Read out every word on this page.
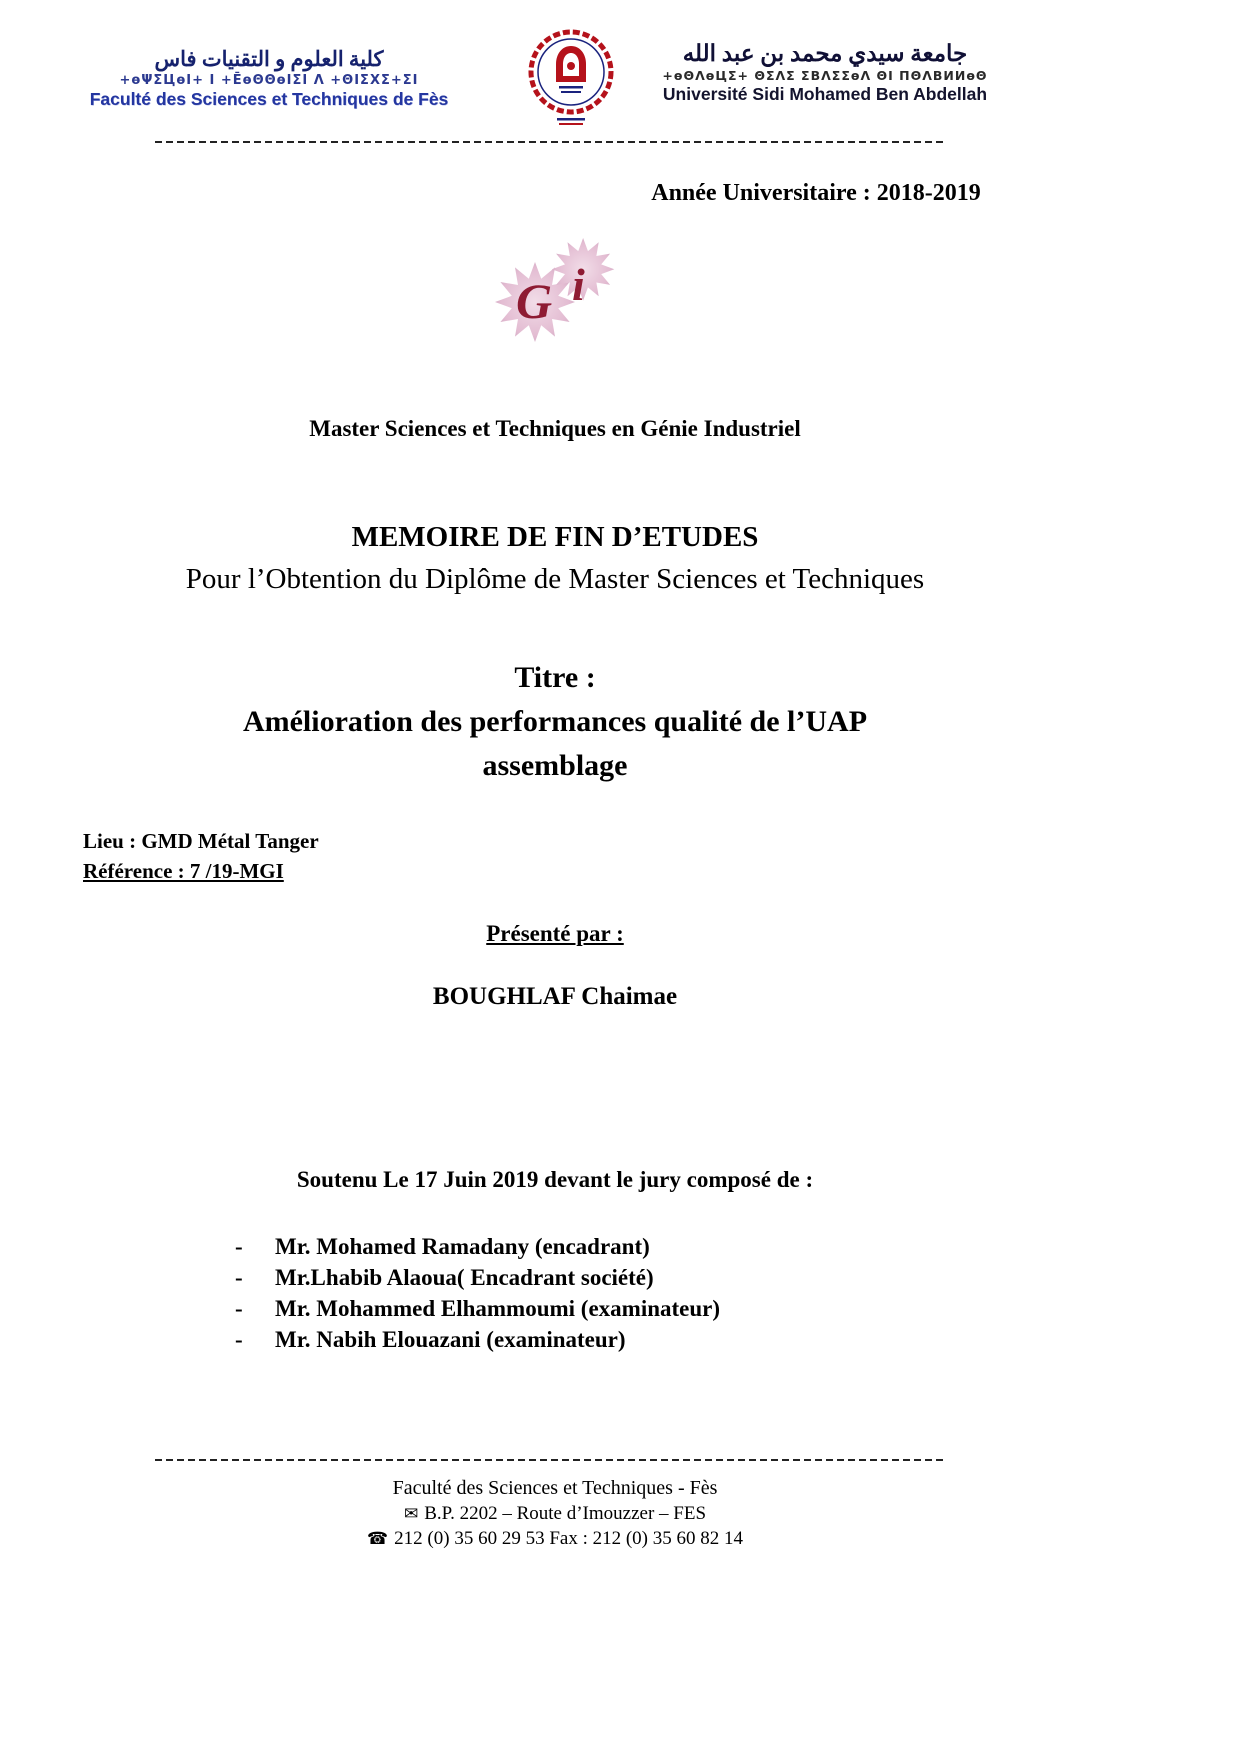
كلية العلوم و التقنيات فاس
+ɵΨΣЦɵI+ I +ĒɵΘΘɵIΣI Λ +ΘIΣXΣ+ΣI
Faculté des Sciences et Techniques de Fès
جامعة سيدي محمد بن عبد الله
+ɵΘΛɵЦΣ+ ΘΣΛΣ ΣΒΛΣΣɵΛ ΘI ΠΘΛΒИИɵΘ
Université Sidi Mohamed Ben Abdellah
Année Universitaire : 2018-2019
G i
Master Sciences et Techniques en Génie Industriel
MEMOIRE DE FIN D’ETUDES
Pour l’Obtention du Diplôme de Master Sciences et Techniques
Titre :
Amélioration des performances qualité de l’UAP
assemblage
Lieu : GMD Métal Tanger
Référence : 7 /19-MGI
Présenté par :
BOUGHLAF Chaimae
Soutenu Le 17 Juin 2019 devant le jury composé de :
-	Mr. Mohamed Ramadany (encadrant)
-	Mr.Lhabib Alaoua( Encadrant société)
-	Mr. Mohammed Elhammoumi (examinateur)
-	Mr. Nabih Elouazani (examinateur)
Faculté des Sciences et Techniques - Fès
✉ B.P. 2202 – Route d’Imouzzer – FES
☎ 212 (0) 35 60 29 53 Fax : 212 (0) 35 60 82 14
